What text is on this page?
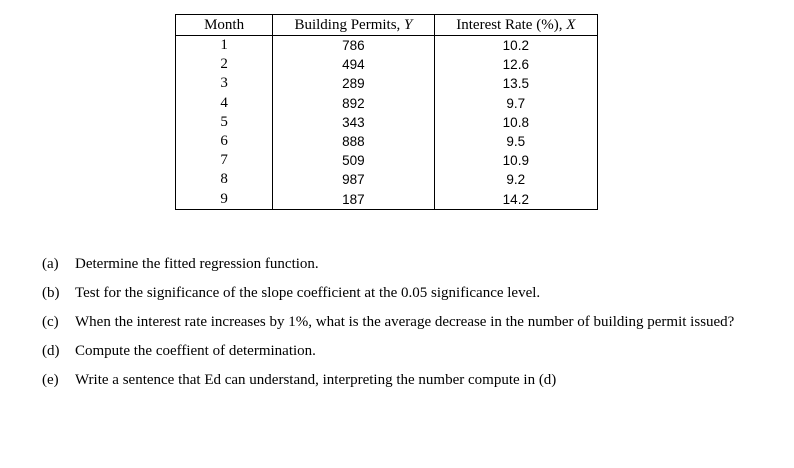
Month	Building Permits, Y	Interest Rate (%), X
1	786	10.2
2	494	12.6
3	289	13.5
4	892	9.7
5	343	10.8
6	888	9.5
7	509	10.9
8	987	9.2
9	187	14.2
(a) Determine the fitted regression function.
(b) Test for the significance of the slope coefficient at the 0.05 significance level.
(c) When the interest rate increases by 1%, what is the average decrease in the number of building permit issued?
(d) Compute the coeffient of determination.
(e) Write a sentence that Ed can understand, interpreting the number compute in (d)
